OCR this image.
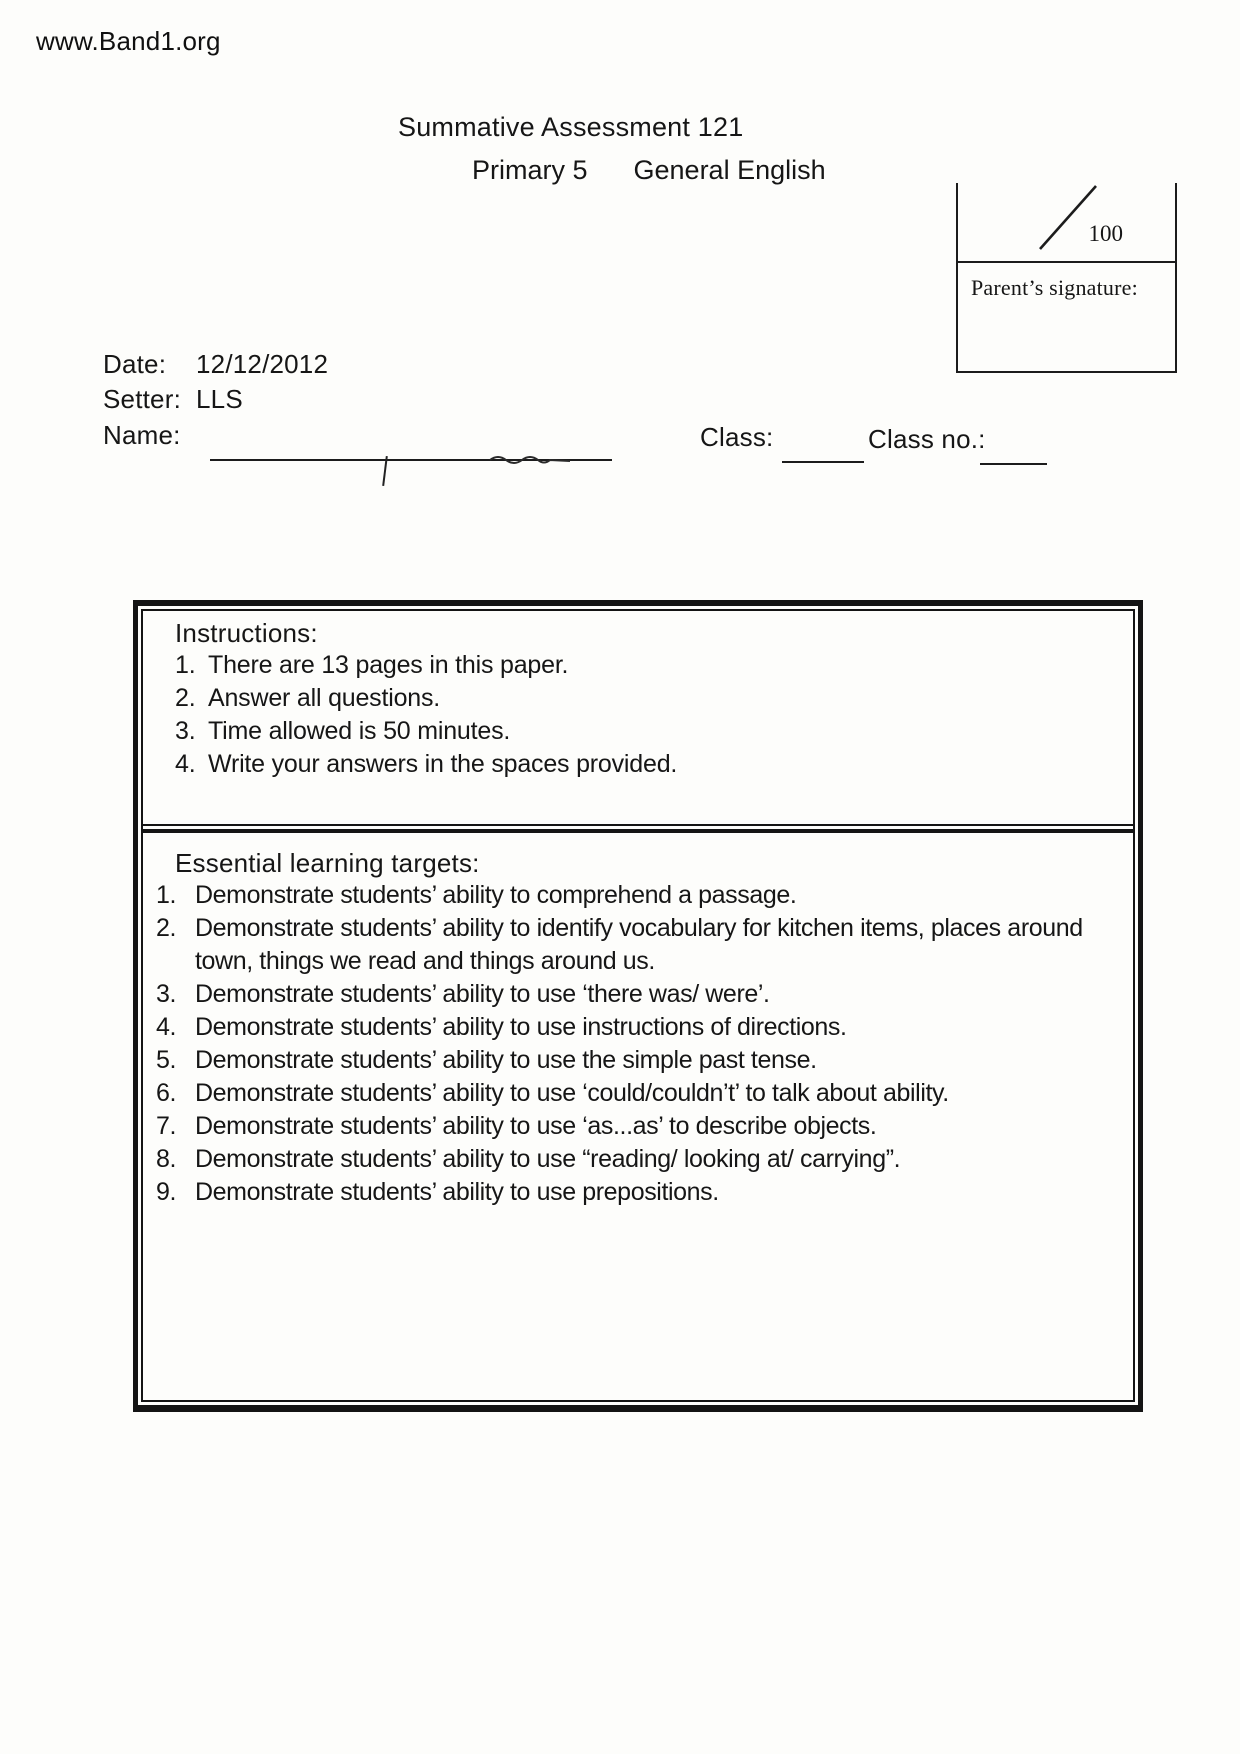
www.Band1.org
Summative Assessment 121
Primary 5 General English
100
Parent’s signature:
Date: 12/12/2012
Setter: LLS
Name:	Class:	Class no.:
Instructions:
1. There are 13 pages in this paper.
2. Answer all questions.
3. Time allowed is 50 minutes.
4. Write your answers in the spaces provided.
Essential learning targets:
1. Demonstrate students’ ability to comprehend a passage.
2. Demonstrate students’ ability to identify vocabulary for kitchen items, places around town, things we read and things around us.
3. Demonstrate students’ ability to use ‘there was/ were’.
4. Demonstrate students’ ability to use instructions of directions.
5. Demonstrate students’ ability to use the simple past tense.
6. Demonstrate students’ ability to use ‘could/couldn’t’ to talk about ability.
7. Demonstrate students’ ability to use ‘as...as’ to describe objects.
8. Demonstrate students’ ability to use “reading/ looking at/ carrying”.
9. Demonstrate students’ ability to use prepositions.
